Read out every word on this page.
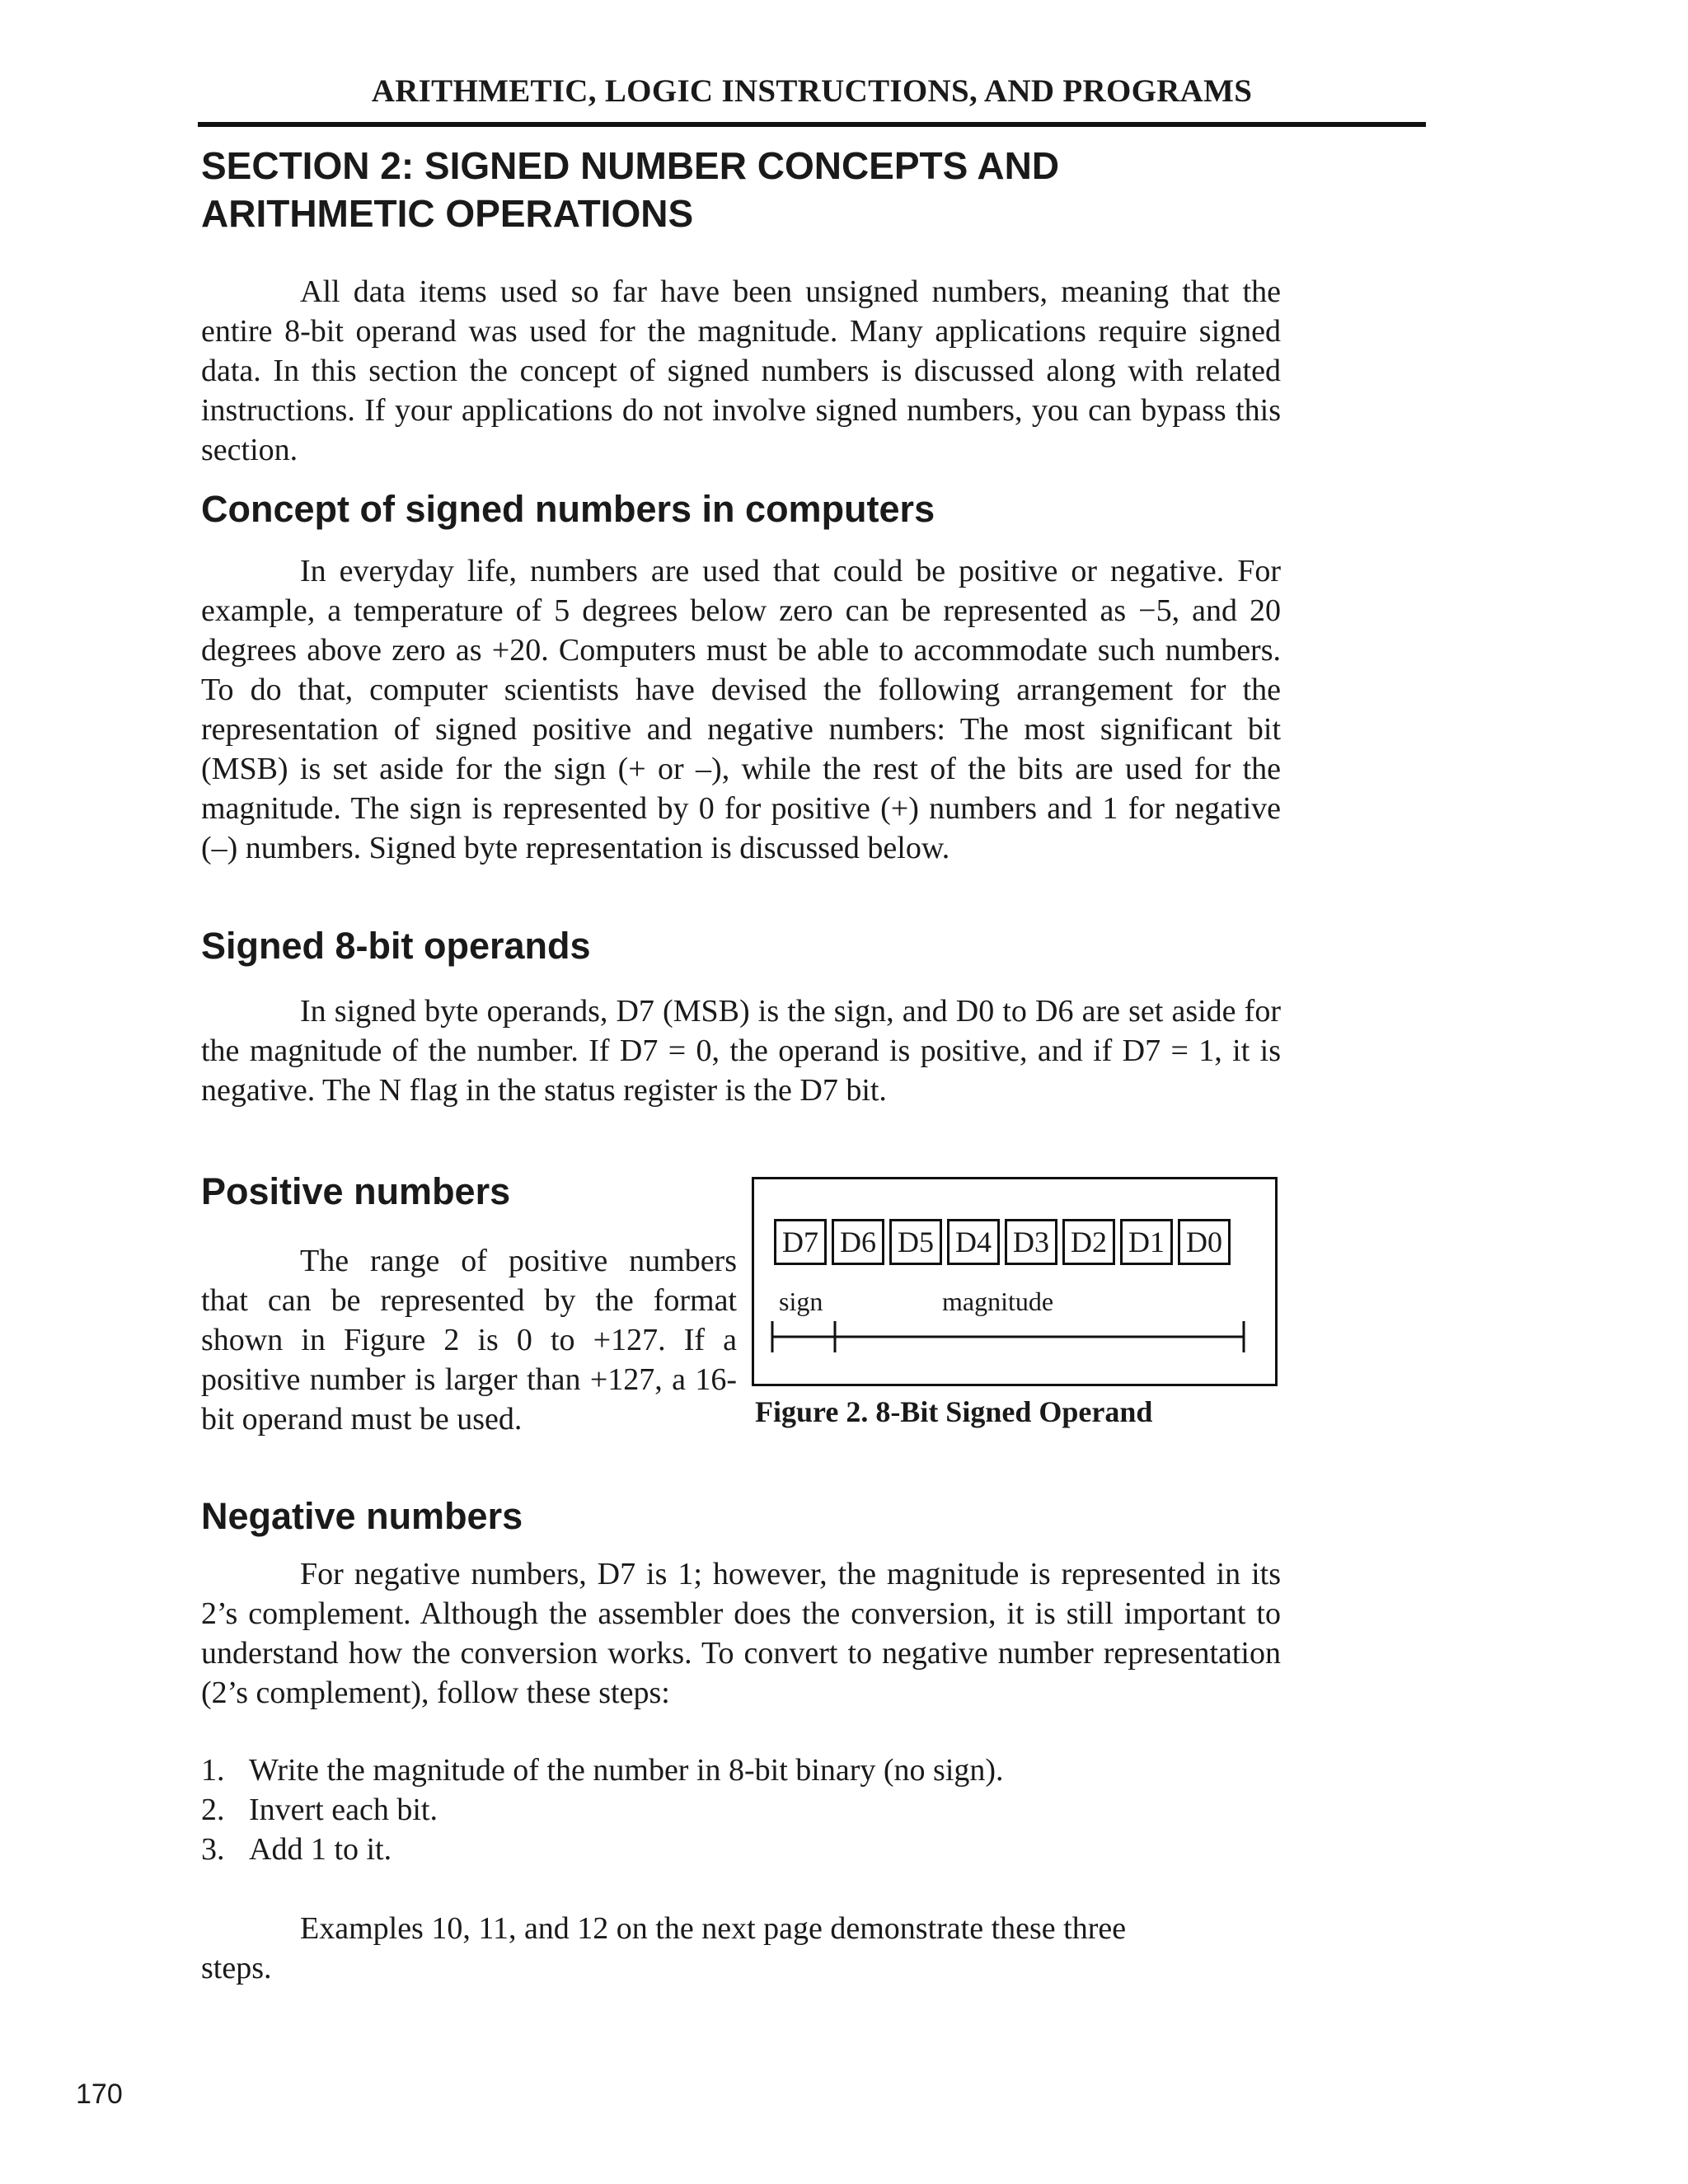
ARITHMETIC, LOGIC INSTRUCTIONS, AND PROGRAMS
SECTION 2: SIGNED NUMBER CONCEPTS AND
ARITHMETIC OPERATIONS
All data items used so far have been unsigned numbers, meaning that the entire 8-bit operand was used for the magnitude. Many applications require signed data. In this section the concept of signed numbers is discussed along with related instructions. If your applications do not involve signed numbers, you can bypass this section.
Concept of signed numbers in computers
In everyday life, numbers are used that could be positive or negative. For example, a temperature of 5 degrees below zero can be represented as −5, and 20 degrees above zero as +20. Computers must be able to accommodate such numbers. To do that, computer scientists have devised the following arrangement for the representation of signed positive and negative numbers: The most significant bit (MSB) is set aside for the sign (+ or –), while the rest of the bits are used for the magnitude. The sign is represented by 0 for positive (+) numbers and 1 for negative (–) numbers. Signed byte representation is discussed below.
Signed 8-bit operands
In signed byte operands, D7 (MSB) is the sign, and D0 to D6 are set aside for the magnitude of the number. If D7 = 0, the operand is positive, and if D7 = 1, it is negative. The N flag in the status register is the D7 bit.
Positive numbers
The range of positive numbers that can be represented by the format shown in Figure 2 is 0 to +127. If a positive number is larger than +127, a 16-bit operand must be used.
D7 D6 D5 D4 D3 D2 D1 D0
sign	magnitude
Figure 2. 8-Bit Signed Operand
Negative numbers
For negative numbers, D7 is 1; however, the magnitude is represented in its 2’s complement. Although the assembler does the conversion, it is still important to understand how the conversion works. To convert to negative number representation (2’s complement), follow these steps:
1. Write the magnitude of the number in 8-bit binary (no sign).
2. Invert each bit.
3. Add 1 to it.
Examples 10, 11, and 12 on the next page demonstrate these three steps.
170
